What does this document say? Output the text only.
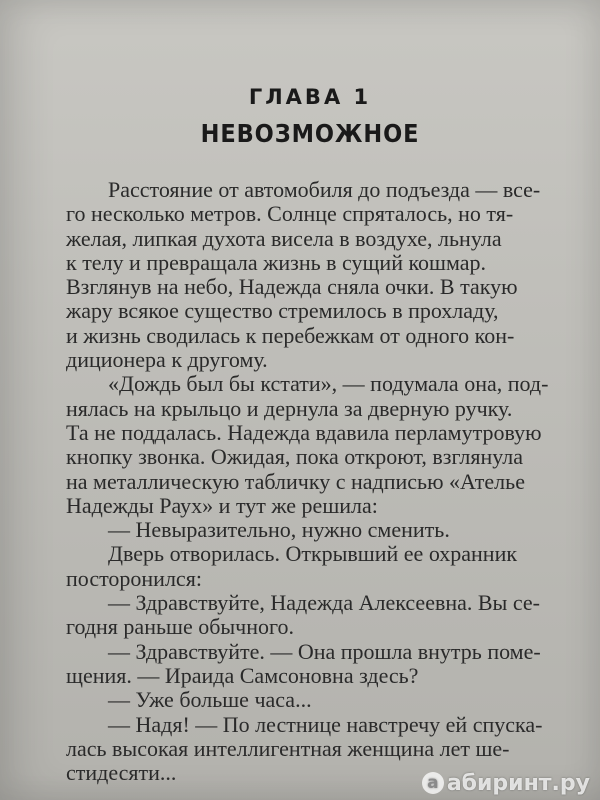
ГЛАВА 1
НЕВОЗМОЖНОЕ
Расстояние от автомобиля до подъезда — все-
го несколько метров. Солнце спряталось, но тя-
желая, липкая духота висела в воздухе, льнула
к телу и превращала жизнь в сущий кошмар.
Взглянув на небо, Надежда сняла очки. В такую
жару всякое существо стремилось в прохладу,
и жизнь сводилась к перебежкам от одного кон-
диционера к другому.
«Дождь был бы кстати», — подумала она, под-
нялась на крыльцо и дернула за дверную ручку.
Та не поддалась. Надежда вдавила перламутровую
кнопку звонка. Ожидая, пока откроют, взглянула
на металлическую табличку с надписью «Ателье
Надежды Раух» и тут же решила:
— Невыразительно, нужно сменить.
Дверь отворилась. Открывший ее охранник
посторонился:
— Здравствуйте, Надежда Алексеевна. Вы се-
годня раньше обычного.
— Здравствуйте. — Она прошла внутрь поме-
щения. — Ираида Самсоновна здесь?
— Уже больше часа...
— Надя! — По лестнице навстречу ей спуска-
лась высокая интеллигентная женщина лет ше-
стидесяти...	a абиринт.ру
